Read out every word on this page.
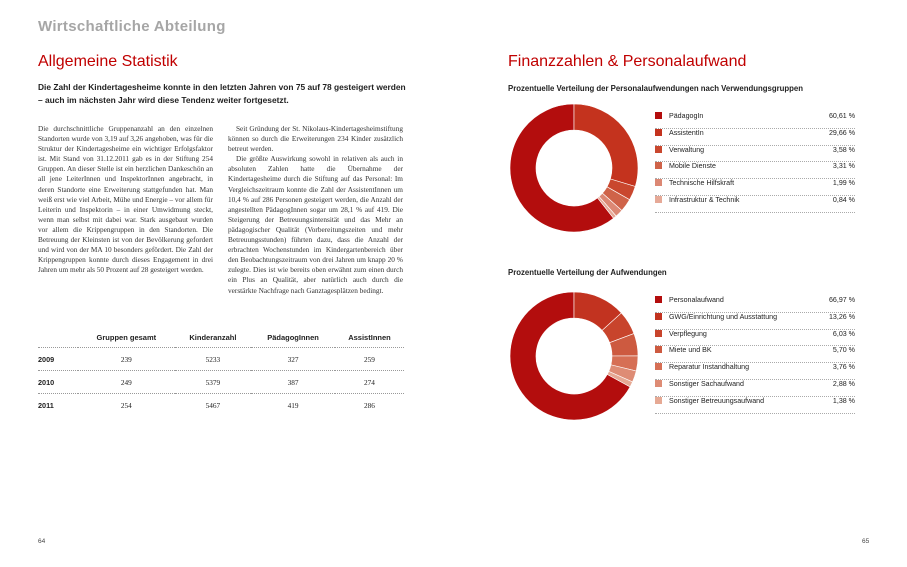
Wirtschaftliche Abteilung
Allgemeine Statistik
Die Zahl der Kindertagesheime konnte in den letzten Jahren von 75 auf 78 gesteigert werden – auch im nächsten Jahr wird diese Tendenz weiter fortgesetzt.

Die durchschnittliche Gruppenanzahl an den einzelnen Standorten wurde von 3,19 auf 3,26 angehoben, was für die Struktur der Kindertagesheime ein wichtiger Erfolgsfaktor ist. Mit Stand von 31.12.2011 gab es in der Stiftung 254 Gruppen. An dieser Stelle ist ein herzlichen Dankeschön an all jene LeiterInnen und InspektorInnen angebracht, in deren Standorte eine Erweiterung stattgefunden hat. Man weiß erst wie viel Arbeit, Mühe und Energie – vor allem für Leiterin und Inspektorin – in einer Umwidmung steckt, wenn man selbst mit dabei war. Stark ausgebaut wurden vor allem die Krippengruppen in den Standorten. Die Betreuung der Kleinsten ist von der Bevölkerung gefordert und wird von der MA 10 besonders gefördert. Die Zahl der Krippengruppen konnte durch dieses Engagement in drei Jahren um mehr als 50 Prozent auf 28 gesteigert werden.

Seit Gründung der St. Nikolaus-Kindertagesheimstiftung können so durch die Erweiterungen 234 Kinder zusätzlich betreut werden.

Die größte Auswirkung sowohl in relativen als auch in absoluten Zahlen hatte die Übernahme der Kindertagesheime durch die Stiftung auf das Personal: Im Vergleichszeitraum konnte die Zahl der AssistentInnen um 10,4 % auf 286 Personen gesteigert werden, die Anzahl der angestellten PädagogInnen sogar um 28,1 % auf 419. Die Steigerung der Betreuungsintensität und das Mehr an pädagogischer Qualität (Vorbereitungszeiten und mehr Betreuungsstunden) führten dazu, dass die Anzahl der erbrachten Wochenstunden im Kindergartenbereich über den Beobachtungszeitraum von drei Jahren um knapp 20 % zulegte. Dies ist wie bereits oben erwähnt zum einen durch ein Plus an Qualität, aber natürlich auch durch die verstärkte Nachfrage nach Ganztagesplätzen bedingt.

	Gruppen gesamt	Kinderanzahl	PädagogInnen	AssistInnen
2009	239	5233	327	259
2010	249	5379	387	274
2011	254	5467	419	286
64
Finanzzahlen & Personalaufwand
Prozentuelle Verteilung der Personalaufwendungen nach Verwendungsgruppen
PädagogIn	60,61 %
AssistentIn	29,66 %
Verwaltung	3,58 %
Mobile Dienste	3,31 %
Technische Hilfskraft	1,99 %
Infrastruktur & Technik	0,84 %
Prozentuelle Verteilung der Aufwendungen
Personalaufwand	66,97 %
GWG/Einrichtung und Ausstattung	13,26 %
Verpflegung	6,03 %
Miete und BK	5,70 %
Reparatur Instandhaltung	3,76 %
Sonstiger Sachaufwand	2,88 %
Sonstiger Betreuungsaufwand	1,38 %
65
